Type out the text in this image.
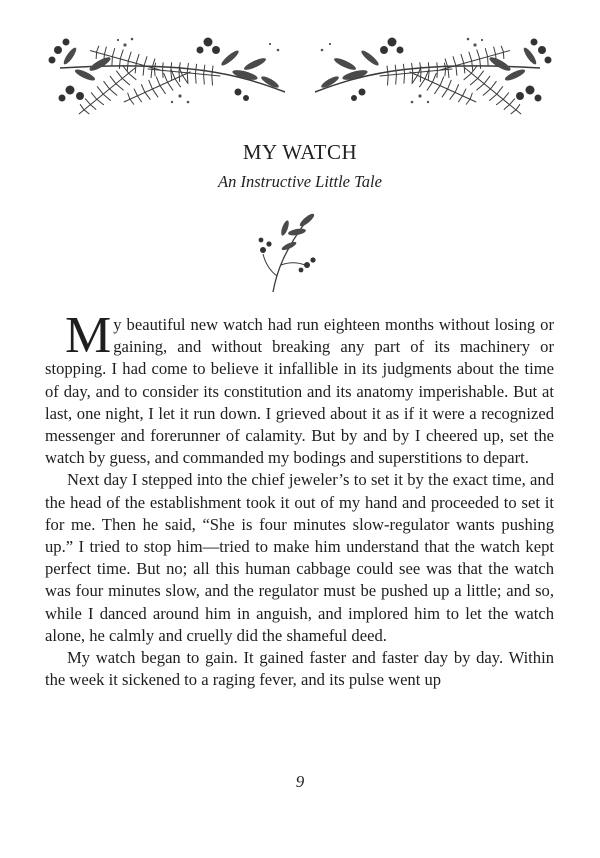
MY WATCH
An Instructive Little Tale

My beautiful new watch had run eighteen months without losing or gaining, and without breaking any part of its machinery or stopping. I had come to believe it infallible in its judgments about the time of day, and to consider its constitution and its anatomy imperishable. But at last, one night, I let it run down. I grieved about it as if it were a recognized messenger and forerunner of calamity. But by and by I cheered up, set the watch by guess, and commanded my bodings and superstitions to depart.

Next day I stepped into the chief jeweler’s to set it by the exact time, and the head of the establishment took it out of my hand and proceeded to set it for me. Then he said, “She is four minutes slow-regulator wants pushing up.” I tried to stop him—tried to make him understand that the watch kept perfect time. But no; all this human cabbage could see was that the watch was four minutes slow, and the regulator must be pushed up a little; and so, while I danced around him in anguish, and implored him to let the watch alone, he calmly and cruelly did the shameful deed.

My watch began to gain. It gained faster and faster day by day. Within the week it sickened to a raging fever, and its pulse went up

9
